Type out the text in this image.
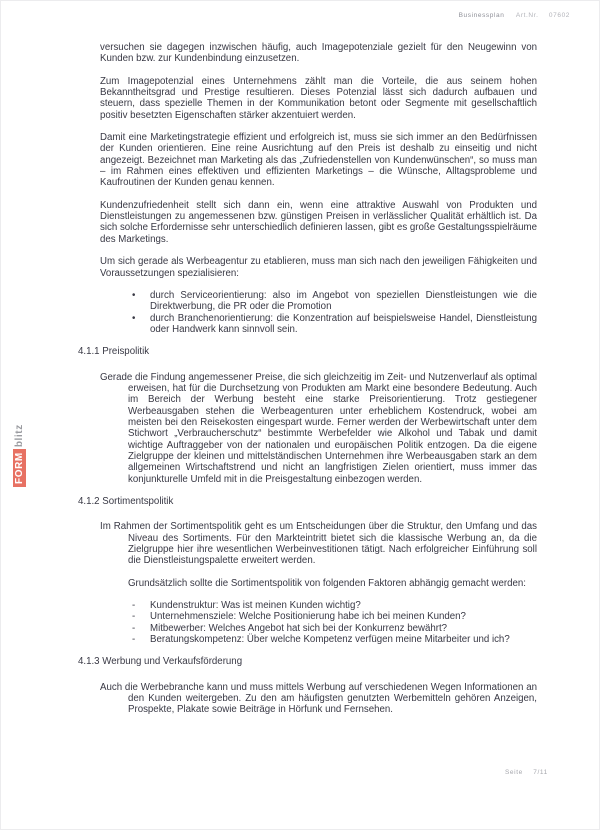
Businessplan Art.Nr. 07602
FORM
blitz

versuchen sie dagegen inzwischen häufig, auch Imagepotenziale gezielt für den Neugewinn von Kunden bzw. zur Kundenbindung einzusetzen.

Zum Imagepotenzial eines Unternehmens zählt man die Vorteile, die aus seinem hohen Bekanntheitsgrad und Prestige resultieren. Dieses Potenzial lässt sich dadurch aufbauen und steuern, dass spezielle Themen in der Kommunikation betont oder Segmente mit gesellschaftlich positiv besetzten Eigenschaften stärker akzentuiert werden.

Damit eine Marketingstrategie effizient und erfolgreich ist, muss sie sich immer an den Bedürfnissen der Kunden orientieren. Eine reine Ausrichtung auf den Preis ist deshalb zu einseitig und nicht angezeigt. Bezeichnet man Marketing als das „Zufriedenstellen von Kundenwünschen“, so muss man – im Rahmen eines effektiven und effizienten Marketings – die Wünsche, Alltagsprobleme und Kaufroutinen der Kunden genau kennen.

Kundenzufriedenheit stellt sich dann ein, wenn eine attraktive Auswahl von Produkten und Dienstleistungen zu angemessenen bzw. günstigen Preisen in verlässlicher Qualität erhältlich ist. Da sich solche Erfordernisse sehr unterschiedlich definieren lassen, gibt es große Gestaltungsspielräume des Marketings.

Um sich gerade als Werbeagentur zu etablieren, muss man sich nach den jeweiligen Fähigkeiten und Voraussetzungen spezialisieren:

• durch Serviceorientierung: also im Angebot von speziellen Dienstleistungen wie die Direktwerbung, die PR oder die Promotion
• durch Branchenorientierung: die Konzentration auf beispielsweise Handel, Dienstleistung oder Handwerk kann sinnvoll sein.
4.1.1 Preispolitik

Gerade die Findung angemessener Preise, die sich gleichzeitig im Zeit- und Nutzenverlauf als optimal erweisen, hat für die Durchsetzung von Produkten am Markt eine besondere Bedeutung. Auch im Bereich der Werbung besteht eine starke Preisorientierung. Trotz gestiegener Werbeausgaben stehen die Werbeagenturen unter erheblichem Kostendruck, wobei am meisten bei den Reisekosten eingespart wurde. Ferner werden der Werbewirtschaft unter dem Stichwort „Verbraucherschutz“ bestimmte Werbefelder wie Alkohol und Tabak und damit wichtige Auftraggeber von der nationalen und europäischen Politik entzogen. Da die eigene Zielgruppe der kleinen und mittelständischen Unternehmen ihre Werbeausgaben stark an dem allgemeinen Wirtschaftstrend und nicht an langfristigen Zielen orientiert, muss immer das konjunkturelle Umfeld mit in die Preisgestaltung einbezogen werden.

4.1.2 Sortimentspolitik

Im Rahmen der Sortimentspolitik geht es um Entscheidungen über die Struktur, den Umfang und das Niveau des Sortiments. Für den Markteintritt bietet sich die klassische Werbung an, da die Zielgruppe hier ihre wesentlichen Werbeinvestitionen tätigt. Nach erfolgreicher Einführung soll die Dienstleistungspalette erweitert werden.

Grundsätzlich sollte die Sortimentspolitik von folgenden Faktoren abhängig gemacht werden:

- Kundenstruktur: Was ist meinen Kunden wichtig?
- Unternehmensziele: Welche Positionierung habe ich bei meinen Kunden?
- Mitbewerber: Welches Angebot hat sich bei der Konkurrenz bewährt?
- Beratungskompetenz: Über welche Kompetenz verfügen meine Mitarbeiter und ich?
4.1.3 Werbung und Verkaufsförderung

Auch die Werbebranche kann und muss mittels Werbung auf verschiedenen Wegen Informationen an den Kunden weitergeben. Zu den am häufigsten genutzten Werbemitteln gehören Anzeigen, Prospekte, Plakate sowie Beiträge in Hörfunk und Fernsehen.

Seite 7/11
